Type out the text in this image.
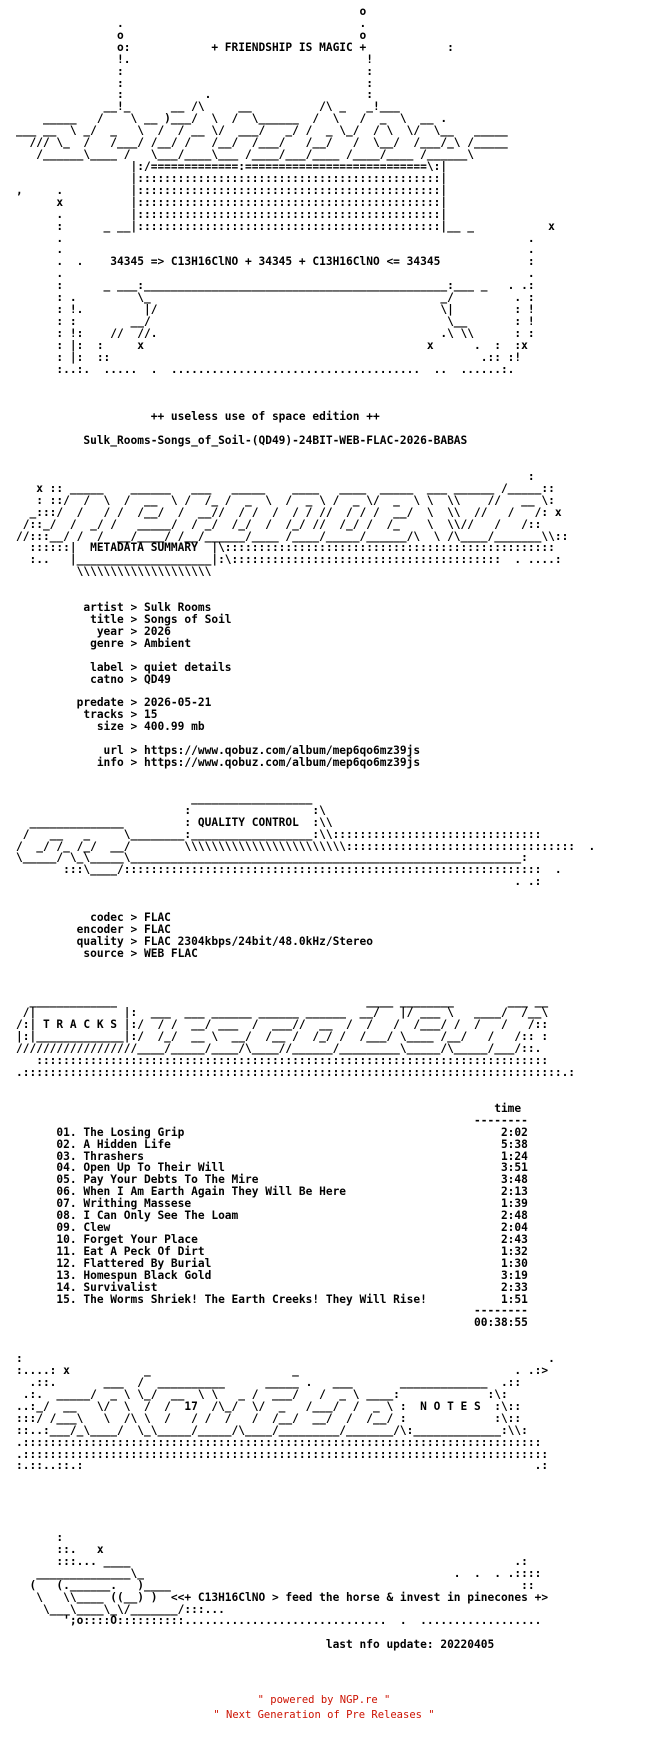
o
.                                   .
o                                   o
o:            + FRIENDSHIP IS MAGIC +            :
!.                                   !
:                                    :
:                                    :
:            .                       :
__!_      __ /\     __          /\ _   _!___
_____   /    \ __ )___/  \  /  \______  /  \   /  _  \  __ .
___ __  \ _/  _   \  /  / __ \/  ___/   _/ /  _ \_/  / \  \/  \__   _____
/// \_  /   /___/ /__/ /   /__/  /___/   /__/   /  \__/  /___/_\ /_____
/______\____ /   \___/____\___ /____/___/____ /____/____ /______\
|:/=============:===========================\:|
|:::::::::::::::::::::::::::::::::::::::::::::|
,     .          |:::::::::::::::::::::::::::::::::::::::::::::|
x          |:::::::::::::::::::::::::::::::::::::::::::::|
.          |:::::::::::::::::::::::::::::::::::::::::::::|
:      _ __|:::::::::::::::::::::::::::::::::::::::::::::|__ _           x
.                                                                     .
.                                                                     .
.  .    34345 => C13H16ClNO + 34345 + C13H16ClNO <= 34345             :
.                                                                     .
:      _ ___:_____________________________________________:___ _   . .:
: .         \_                                           _/         . :
: !.         |/                                          \|         : !
: :        __/                                            \__       : !
: !:    //  //.                                          .\ \\      : :
: |:  :     x                                          x      .  :  :x
: |:  ::                                                       .:: :!
:..:.  .....  .  .....................................  ..  ......:.

++ useless use of space edition ++

Sulk_Rooms-Songs_of_Soil-(QD49)-24BIT-WEB-FLAC-2026-BABAS

:
x :: _____    ______   ___   _____    ____   ____  _____  ___ ______ /_____::
: ::/  /  \  /  __  \ /  /_ /  _  \  /  _ \ /  _ \/  _  \ \  \\    //   __ \:
_:::/  /   / /  /__/  /  __//  / /  /  / / //  / / /  __/  \  \\  //   /   /: x
/::_/  /  _/ /   _____/  / _/  /_/  /  /_/ //  /_/ /  /_    \  \\//   /   /::
//:::__/ /  /  __/____/ /__/______/____ /____/_____/______/\  \ /\____/_______\\::
::::::|  METADATA SUMMARY  |\:::::::::::::::::::::::::::::::::::::::::::::::::
:..   |____________________|:\::::::::::::::::::::::::::::::::::::::::  . ....:
\\\\\\\\\\\\\\\\\\\\

artist > Sulk Rooms
title > Songs of Soil
year > 2026
genre > Ambient

label > quiet details
catno > QD49

predate > 2026-05-21
tracks > 15
size > 400.99 mb

url > https://www.qobuz.com/album/mep6qo6mz39js
info > https://www.qobuz.com/album/mep6qo6mz39js

__________________
:                  :\
______________         : QUALITY CONTROL  :\\
/   __   _     \________:__________________:\\:::::::::::::::::::::::::::::::
/  _/ /_ /_/  __/        \\\\\\\\\\\\\\\\\\\\\\\\::::::::::::::::::::::::::::::::::  .
\_____/ \_\_____\__________________________________________________________:
:::\____/::::::::::::::::::::::::::::::::::::::::::::::::::::::::::::::  .
. .:

codec > FLAC
encoder > FLAC
quality > FLAC 2304kbps/24bit/48.0kHz/Stereo
source > WEB FLAC

_____________                                     ____ ________        ___ __
/|             |:  ___  ___ ______ ______ ______  __/   |/ ___ \   ____/  /__\
/:| T R A C K S |:/  / /  __/ ___  /  ___//  __  /  /   /  /___/ /  /   /   /::
|:|_____________|:/  /_/  __ \  __/  /__ /  /_/ /  /___/ \____ /__/   /   /:: :
//////////////////____/_____/____/\____//______/_________\_____/\_____/___/::.
::::::::::::::::::::::::::::::::::::::::::::::::::::::::::::::::::::::::::::
.::::::::::::::::::::::::::::::::::::::::::::::::::::::::::::::::::::::::::::::::.:

time
--------
01. The Losing Grip                                               2:02
02. A Hidden Life                                                 5:38
03. Thrashers                                                     1:24
04. Open Up To Their Will                                         3:51
05. Pay Your Debts To The Mire                                    3:48
06. When I Am Earth Again They Will Be Here                       2:13
07. Writhing Massese                                              1:39
08. I Can Only See The Loam                                       2:48
09. Clew                                                          2:04
10. Forget Your Place                                             2:43
11. Eat A Peck Of Dirt                                            1:32
12. Flattered By Burial                                           1:30
13. Homespun Black Gold                                           3:19
14. Survivalist                                                   2:33
15. The Worms Shriek! The Earth Creeks! They Will Rise!           1:51
--------
00:38:55

:                                                                              .
:....: x           _                     _                                . .:>
.::.       ___  /  __________      _____ .   ___       _____________  .::
.:.  _____/  _ \ \_/  __  \ \   _ /  ___/   /  _ \ ____:             :\:
..:_/  __   \/  \  /  /  17  /\_/  \/  _   /___/  /  _ \ :  N O T E S  :\::
:::/ /___\   \  /\ \  /   / /  /   /  /__/  __/  /  /__/ :             :\::
::..:___/_\____/  \_\_____/_____/\____/_________/_______/\:_____________:\\:
.:::::::::::::::::::::::::::::::::::::::::::::::::::::::::::::::::::::::::::::
.::::::::::::::::::::::::::::::::::::::::::::::::::::::::::::::::::::::::::::::
:.::..::.:                                                                   .:

:
::.   x
:::... ____                                                         .:
______________\_                                              .  .  . .::::
(   (.______.   )____                                                    ::
\   \\____ ((__) )  <<+ C13H16ClNO > feed the horse & invest in pinecones +>
\___\____\_\/_______/:::...
';o::::O::::::::::..............................  .  ..................

last nfo update: 20220405
" powered by NGP.re "
" Next Generation of Pre Releases "
